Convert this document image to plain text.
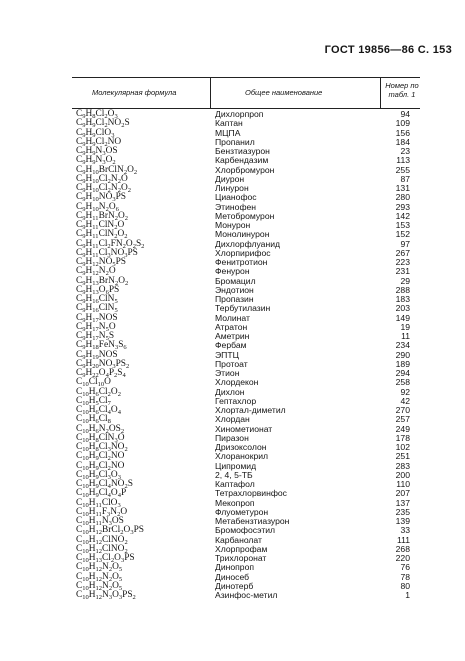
ГОСТ 19856—86 С. 153
Молекулярная формула	Общее наименование
Номер по
табл. 1
$C_9H_8Cl_2O_3$	Дихлорпроп	94
$C_9H_9Cl_2NO_2S$	Каптан	109
$C_9H_9ClO_3$	МЦПА	156
$C_9H_9Cl_2NO$	Пропанил	184
$C_9H_9N_3OS$	Бензтиазурон	23
$C_9H_9N_3O_2$	Карбендазим	113
$C_9H_{10}BrClN_2O_2$	Хлорбромурон	255
$C_9H_{10}Cl_2N_2O$	Диурон	87
$C_9H_{10}Cl_2N_2O_2$	Линурон	131
$C_9H_{10}NO_3PS$	Цианофос	280
$C_9H_{10}N_2O_6$	Этинофен	293
$C_9H_{11}BrN_2O_2$	Метобромурон	142
$C_9H_{11}ClN_2O$	Монурон	153
$C_9H_{11}ClN_2O_2$	Монолинурон	152
$C_9H_{11}Cl_2FN_2O_2S_2$	Дихлорфлуанид	97
$C_9H_{11}Cl_3NO_3PS$	Хлорпирифос	267
$C_9H_{12}NO_5PS$	Фенитротион	223
$C_9H_{12}N_2O$	Фенурон	231
$C_9H_{13}BrN_2O_2$	Бромацил	29
$C_9H_{13}O_6PS$	Эндотион	288
$C_9H_{16}ClN_5$	Пропазин	183
$C_9H_{16}ClN_5$	Тербутилазин	203
$C_9H_{17}NOS$	Молинат	149
$C_9H_{17}N_5O$	Атратон	19
$C_9H_{17}N_5S$	Аметрин	11
$C_9H_{18}FeN_3S_6$	Фербам	234
$C_9H_{19}NOS$	ЭПТЦ	290
$C_9H_{20}NO_3PS_2$	Протоат	189
$C_9H_{22}O_4P_2S_4$	Этион	294
$C_{10}Cl_{10}O$	Хлордекон	258
$C_{10}H_6Cl_2O_2$	Дихлон	92
$C_{10}H_5Cl_7$	Гептахлор	42
$C_{10}H_6Cl_4O_4$	Хлортал-диметил	270
$C_{10}H_6Cl_8$	Хлордан	257
$C_{10}H_6N_2OS_2$	Хинометионат	249
$C_{10}H_8ClN_3O$	Пиразон	178
$C_{10}H_8Cl_3NO_2$	Дризоксолон	102
$C_{10}H_9Cl_2NO$	Хлоранокрил	251
$C_{10}H_9Cl_2NO$	Ципромид	283
$C_{10}H_9Cl_3O_3$	2, 4, 5-ТБ	200
$C_{10}H_9Cl_4NO_2S$	Каптафол	110
$C_{10}H_9Cl_4O_4P$	Тетрахлорвинфос	207
$C_{10}H_{11}ClO_3$	Мекопроп	137
$C_{10}H_{11}F_3N_2O$	Флуометурон	235
$C_{10}H_{11}N_3OS$	Метабензтиазурон	139
$C_{10}H_{12}BrCl_2O_3PS$	Бромофосэтил	33
$C_{10}H_{12}ClNO_2$	Карбанолат	111
$C_{10}H_{12}ClNO_2$	Хлорпрофам	268
$C_{10}H_{13}Cl_2O_3PS$	Трихлоронат	220
$C_{10}H_{12}N_2O_5$	Динопроп	76
$C_{10}H_{12}N_2O_5$	Диносеб	78
$C_{10}H_{12}N_2O_5$	Динотерб	80
$C_{10}H_{12}N_3O_3PS_2$	Азинфос-метил	1
